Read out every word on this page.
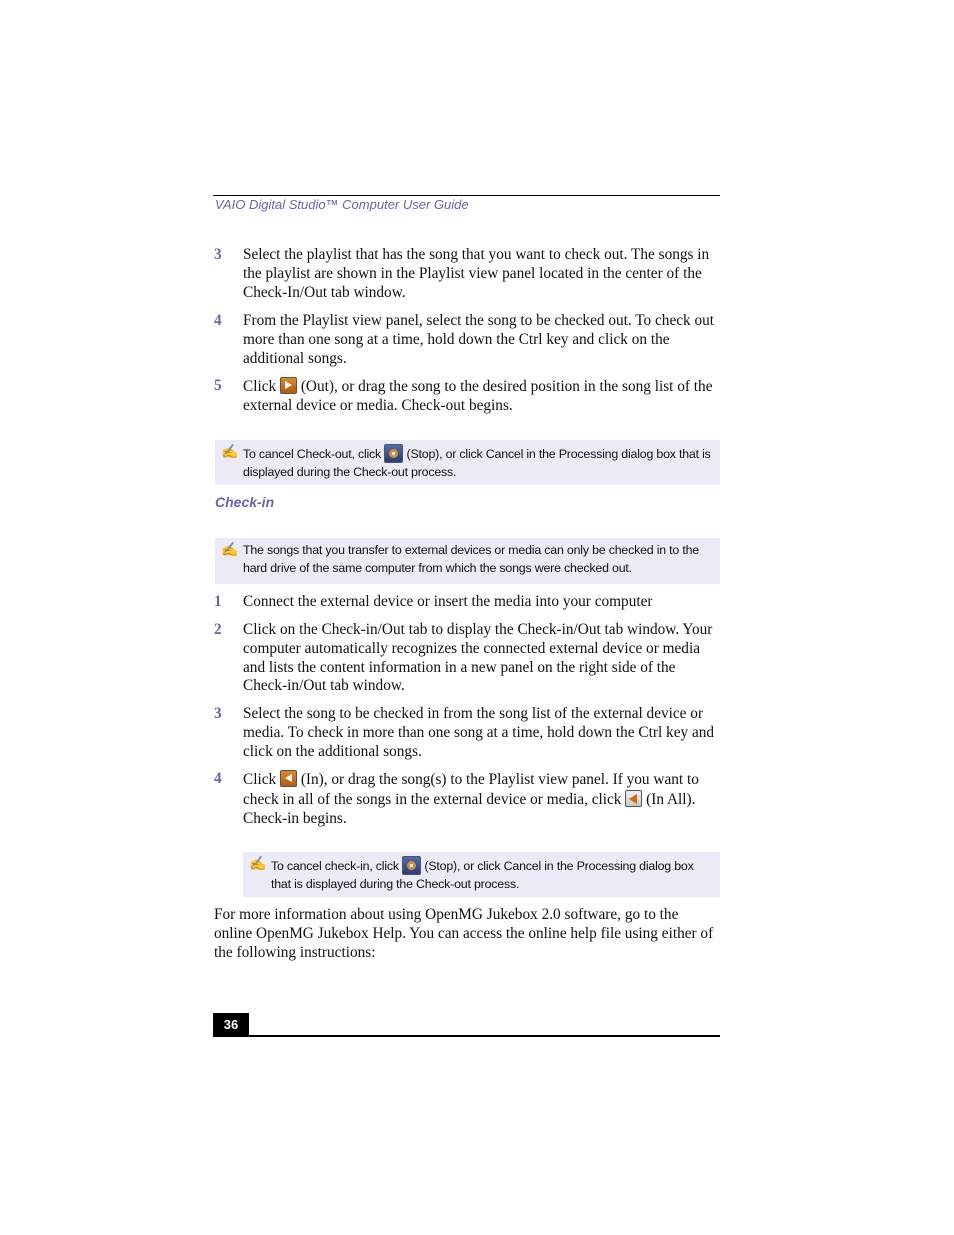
VAIO Digital Studio™ Computer User Guide
3 Select the playlist that has the song that you want to check out. The songs in the playlist are shown in the Playlist view panel located in the center of the Check-In/Out tab window.
4 From the Playlist view panel, select the song to be checked out. To check out more than one song at a time, hold down the Ctrl key and click on the additional songs.
5 Click (Out), or drag the song to the desired position in the song list of the external device or media. Check-out begins.
✍ To cancel Check-out, click (Stop), or click Cancel in the Processing dialog box that is displayed during the Check-out process.
Check-in
✍ The songs that you transfer to external devices or media can only be checked in to the hard drive of the same computer from which the songs were checked out.
1 Connect the external device or insert the media into your computer
2 Click on the Check-in/Out tab to display the Check-in/Out tab window. Your computer automatically recognizes the connected external device or media and lists the content information in a new panel on the right side of the Check-in/Out tab window.
3 Select the song to be checked in from the song list of the external device or media. To check in more than one song at a time, hold down the Ctrl key and click on the additional songs.
4 Click (In), or drag the song(s) to the Playlist view panel. If you want to check in all of the songs in the external device or media, click (In All). Check-in begins.
✍ To cancel check-in, click (Stop), or click Cancel in the Processing dialog box that is displayed during the Check-out process.
For more information about using OpenMG Jukebox 2.0 software, go to the online OpenMG Jukebox Help. You can access the online help file using either of the following instructions:
36
